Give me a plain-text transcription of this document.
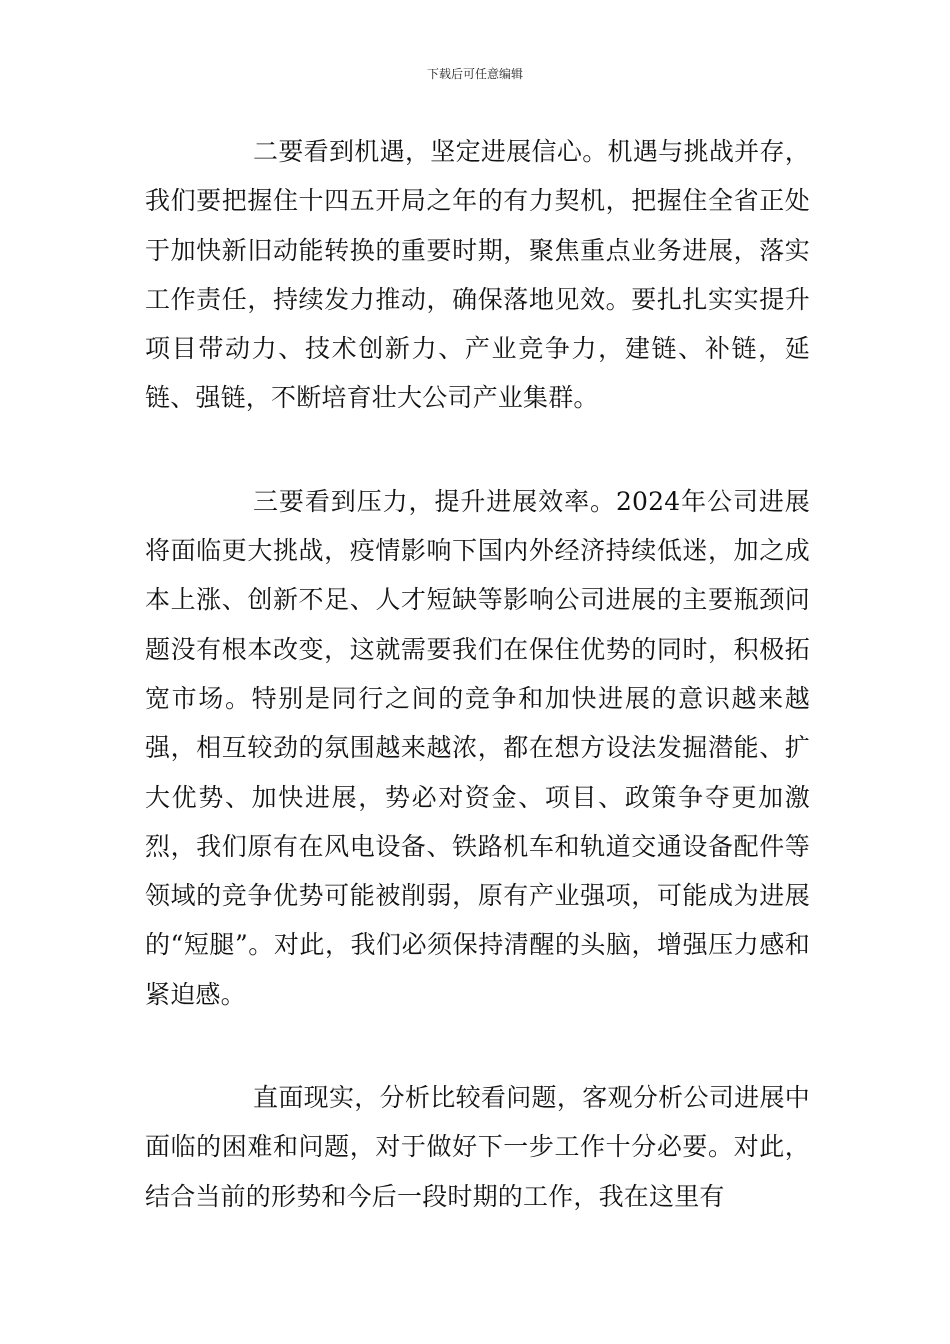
下载后可任意编辑

二要看到机遇，坚定进展信心。机遇与挑战并存，我们要把握住十四五开局之年的有力契机，把握住全省正处于加快新旧动能转换的重要时期，聚焦重点业务进展，落实工作责任，持续发力推动，确保落地见效。要扎扎实实提升项目带动力、技术创新力、产业竞争力，建链、补链，延链、强链，不断培育壮大公司产业集群。

三要看到压力，提升进展效率。2024年公司进展将面临更大挑战，疫情影响下国内外经济持续低迷，加之成本上涨、创新不足、人才短缺等影响公司进展的主要瓶颈问题没有根本改变，这就需要我们在保住优势的同时，积极拓宽市场。特别是同行之间的竞争和加快进展的意识越来越强，相互较劲的氛围越来越浓，都在想方设法发掘潜能、扩大优势、加快进展，势必对资金、项目、政策争夺更加激烈，我们原有在风电设备、铁路机车和轨道交通设备配件等领域的竞争优势可能被削弱，原有产业强项，可能成为进展的“短腿”。对此，我们必须保持清醒的头脑，增强压力感和紧迫感。

直面现实，分析比较看问题，客观分析公司进展中面临的困难和问题，对于做好下一步工作十分必要。对此，结合当前的形势和今后一段时期的工作，我在这里有
